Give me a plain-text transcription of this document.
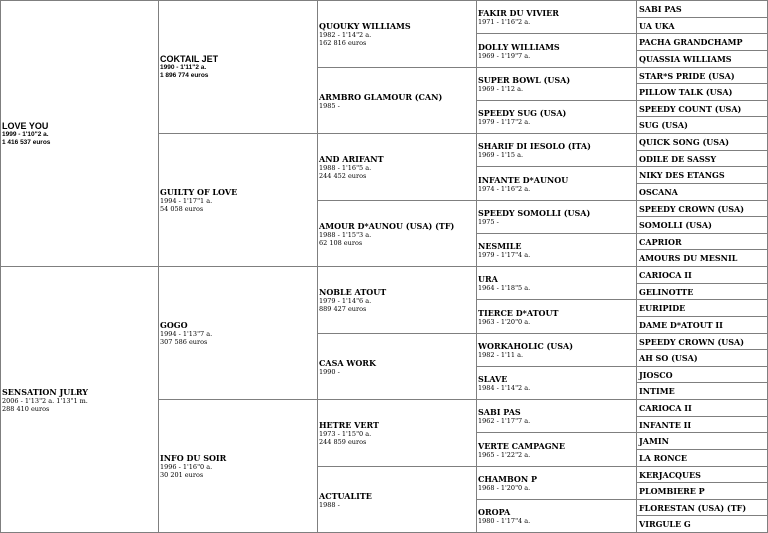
LOVE YOU
1999 - 1'10"2 a.
1 416 537 euros
SENSATION JULRY
2006 - 1'13"2 a. 1'13"1 m.
288 410 euros
COKTAIL JET
1990 - 1'11"2 a.
1 896 774 euros
GUILTY OF LOVE
1994 - 1'17"1 a.
54 058 euros
GOGO
1994 - 1'13"7 a.
307 586 euros
INFO DU SOIR
1996 - 1'16"0 a.
30 201 euros
QUOUKY WILLIAMS
1982 - 1'14"2 a.
162 816 euros
ARMBRO GLAMOUR (CAN)
1985 -
AND ARIFANT
1988 - 1'16"5 a.
244 452 euros
AMOUR D*AUNOU (USA) (TF)
1988 - 1'15"3 a.
62 108 euros
NOBLE ATOUT
1979 - 1'14"6 a.
889 427 euros
CASA WORK
1990 -
HETRE VERT
1973 - 1'15"0 a.
244 859 euros
ACTUALITE
1988 -
FAKIR DU VIVIER
1971 - 1'16"2 a.
DOLLY WILLIAMS
1969 - 1'19"7 a.
SUPER BOWL (USA)
1969 - 1'12 a.
SPEEDY SUG (USA)
1979 - 1'17"2 a.
SHARIF DI IESOLO (ITA)
1969 - 1'15 a.
INFANTE D*AUNOU
1974 - 1'16"2 a.
SPEEDY SOMOLLI (USA)
1975 -
NESMILE
1979 - 1'17"4 a.
URA
1964 - 1'18"5 a.
TIERCE D*ATOUT
1963 - 1'20"0 a.
WORKAHOLIC (USA)
1982 - 1'11 a.
SLAVE
1984 - 1'14"2 a.
SABI PAS
1962 - 1'17"7 a.
VERTE CAMPAGNE
1965 - 1'22"2 a.
CHAMBON P
1968 - 1'20"0 a.
OROPA
1980 - 1'17"4 a.
SABI PAS
UA UKA
PACHA GRANDCHAMP
QUASSIA WILLIAMS
STAR*S PRIDE (USA)
PILLOW TALK (USA)
SPEEDY COUNT (USA)
SUG (USA)
QUICK SONG (USA)
ODILE DE SASSY
NIKY DES ETANGS
OSCANA
SPEEDY CROWN (USA)
SOMOLLI (USA)
CAPRIOR
AMOURS DU MESNIL
CARIOCA II
GELINOTTE
EURIPIDE
DAME D*ATOUT II
SPEEDY CROWN (USA)
AH SO (USA)
JIOSCO
INTIME
CARIOCA II
INFANTE II
JAMIN
LA RONCE
KERJACQUES
PLOMBIERE P
FLORESTAN (USA) (TF)
VIRGULE G
